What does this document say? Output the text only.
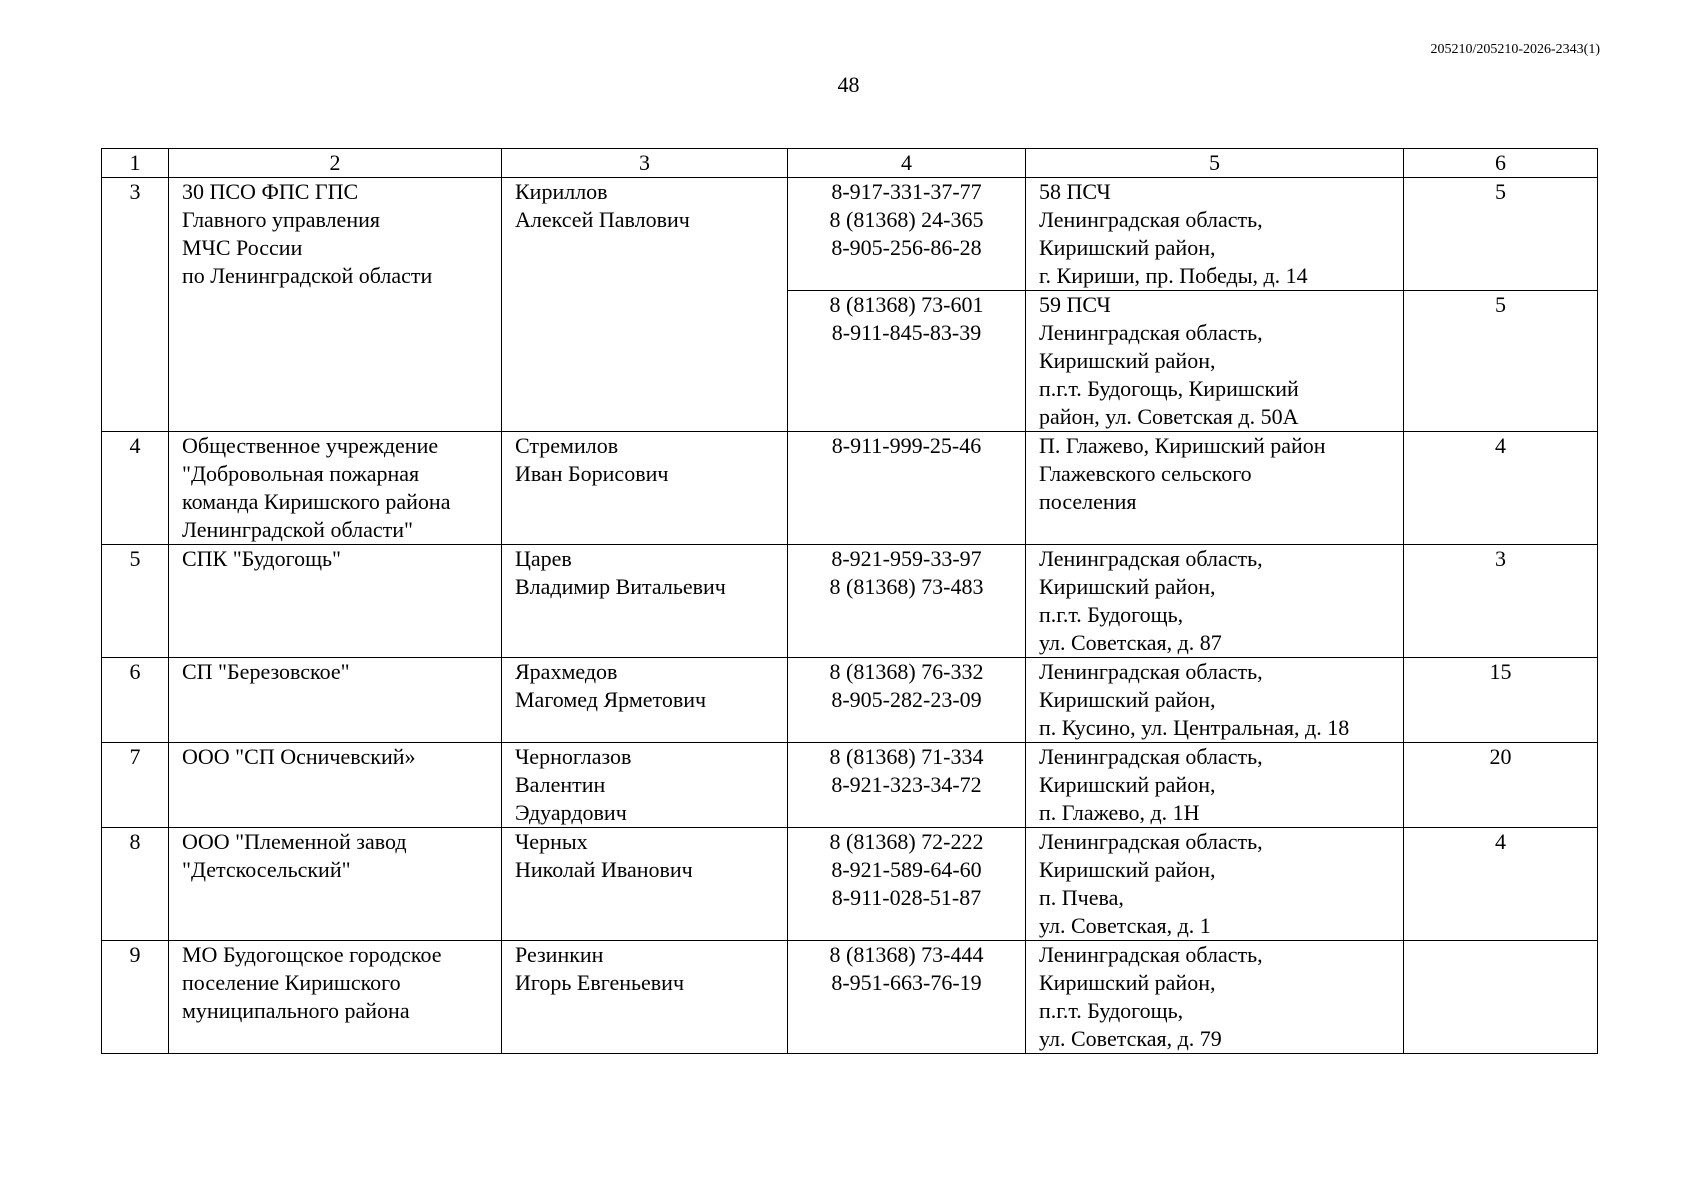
205210/205210-2026-2343(1)
48
1	2	3	4	5	6
3	30 ПСО ФПС ГПС
Главного управления
МЧС России
по Ленинградской области	Кириллов
Алексей Павлович	8-917-331-37-77
8 (81368) 24-365
8-905-256-86-28	58 ПСЧ
Ленинградская область,
Киришский район,
г. Кириши, пр. Победы, д. 14	5

			8 (81368) 73-601
8-911-845-83-39	59 ПСЧ
Ленинградская область,
Киришский район,
п.г.т. Будогощь, Киришский
район, ул. Советская д. 50А	5
4	Общественное учреждение
"Добровольная пожарная
команда Киришского района
Ленинградской области"	Стремилов
Иван Борисович	8-911-999-25-46	П. Глажево, Киришский район
Глажевского сельского
поселения	4
5	СПК "Будогощь"	Царев
Владимир Витальевич	8-921-959-33-97
8 (81368) 73-483	Ленинградская область,
Киришский район,
п.г.т. Будогощь,
ул. Советская, д. 87	3
6	СП "Березовское"	Ярахмедов
Магомед Ярметович	8 (81368) 76-332
8-905-282-23-09	Ленинградская область,
Киришский район,
п. Кусино, ул. Центральная, д. 18	15
7	ООО "СП Осничевский»	Черноглазов
Валентин
Эдуардович	8 (81368) 71-334
8-921-323-34-72	Ленинградская область,
Киришский район,
п. Глажево, д. 1Н	20
8	ООО "Племенной завод
"Детскосельский"	Черных
Николай Иванович	8 (81368) 72-222
8-921-589-64-60
8-911-028-51-87	Ленинградская область,
Киришский район,
п. Пчева,
ул. Советская, д. 1	4
9	МО Будогощское городское
поселение Киришского
муниципального района	Резинкин
Игорь Евгеньевич	8 (81368) 73-444
8-951-663-76-19	Ленинградская область,
Киришский район,
п.г.т. Будогощь,
ул. Советская, д. 79	
